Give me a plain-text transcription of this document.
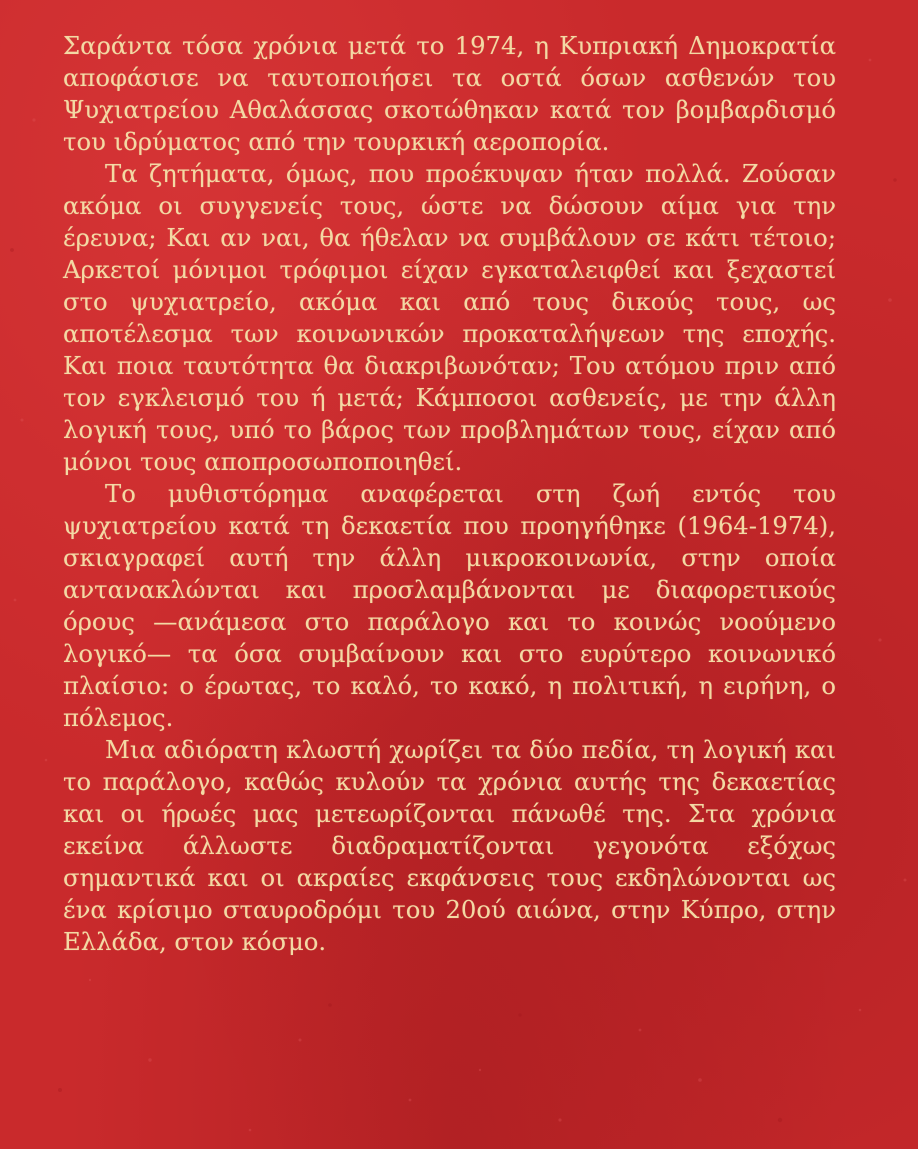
Σαράντα τόσα χρόνια μετά το 1974, η Κυπριακή Δημοκρατία αποφάσισε να ταυτοποιήσει τα οστά όσων ασθενών του Ψυχιατρείου Αθαλάσσας σκοτώθηκαν κατά τον βομβαρδισμό του ιδρύματος από την τουρκική αεροπορία.

Τα ζητήματα, όμως, που προέκυψαν ήταν πολλά. Ζούσαν ακόμα οι συγγενείς τους, ώστε να δώσουν αίμα για την έρευνα; Και αν ναι, θα ήθελαν να συμβάλουν σε κάτι τέτοιο; Αρκετοί μόνιμοι τρόφιμοι είχαν εγκαταλειφθεί και ξεχαστεί στο ψυχιατρείο, ακόμα και από τους δικούς τους, ως αποτέλεσμα των κοινωνικών προκαταλήψεων της εποχής. Και ποια ταυτότητα θα διακριβωνόταν; Του ατόμου πριν από τον εγκλεισμό του ή μετά; Κάμποσοι ασθενείς, με την άλλη λογική τους, υπό το βάρος των προβλημάτων τους, είχαν από μόνοι τους αποπροσωποποιηθεί.

Το μυθιστόρημα αναφέρεται στη ζωή εντός του ψυχιατρείου κατά τη δεκαετία που προηγήθηκε (1964-1974), σκιαγραφεί αυτή την άλλη μικροκοινωνία, στην οποία αντανακλώνται και προσλαμβάνονται με διαφορετικούς όρους —ανάμεσα στο παράλογο και το κοινώς νοούμενο λογικό— τα όσα συμβαίνουν και στο ευρύτερο κοινωνικό πλαίσιο: ο έρωτας, το καλό, το κακό, η πολιτική, η ειρήνη, ο πόλεμος.

Μια αδιόρατη κλωστή χωρίζει τα δύο πεδία, τη λογική και το παράλογο, καθώς κυλούν τα χρόνια αυτής της δεκαετίας και οι ήρωές μας μετεωρίζονται πάνωθέ της. Στα χρόνια εκείνα άλλωστε διαδραματίζονται γεγονότα εξόχως σημαντικά και οι ακραίες εκφάνσεις τους εκδηλώνονται ως ένα κρίσιμο σταυροδρόμι του 20ού αιώνα, στην Κύπρο, στην Ελλάδα, στον κόσμο.
